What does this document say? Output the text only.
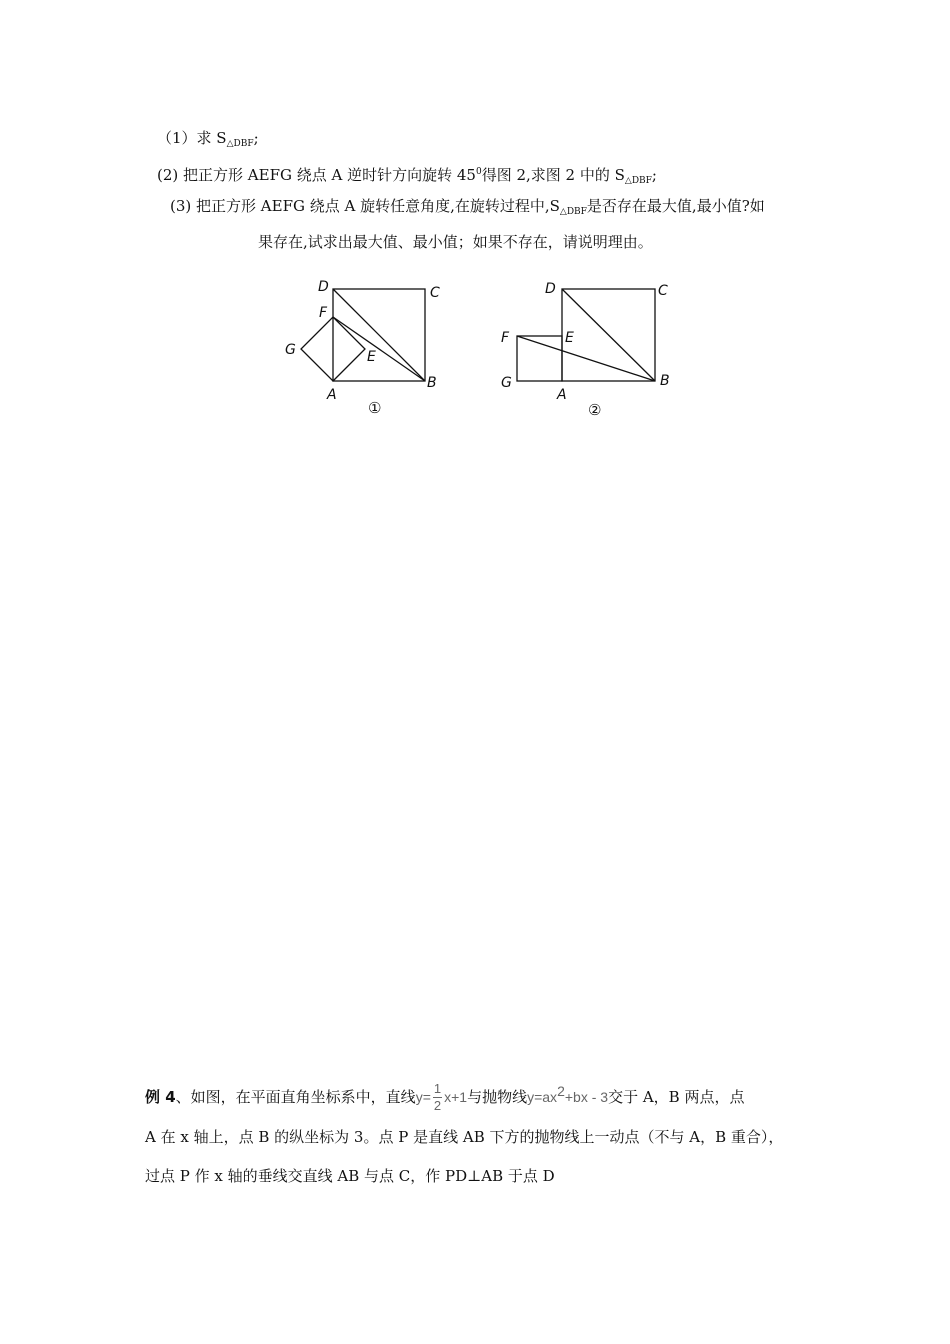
（1）求 $S_{\triangle DBF}$;
(2) 把正方形 AEFG 绕点 A 逆时针方向旋转 $45^0$得图 2,求图 2 中的 $S_{\triangle DBF}$;
(3) 把正方形 AEFG 绕点 A 旋转任意角度,在旋转过程中$,S_{\triangle DBF}$是否存在最大值,最小值?如
果存在,试求出最大值、最小值；如果不存在，请说明理由。
D	C
F
G	E
A
B
①
D	C
F	E
G
A
B
②
例 4、如图，在平面直角坐标系中，直线$y= \frac{1}{2} x+1$与抛物线y=ax2+bx - 3交于 A，B 两点，点
A 在 x 轴上，点 B 的纵坐标为 3。点 P 是直线 AB 下方的抛物线上一动点（不与 A，B 重合），
过点 P 作 x 轴的垂线交直线 AB 与点 C，作 PD⊥AB 于点 D
